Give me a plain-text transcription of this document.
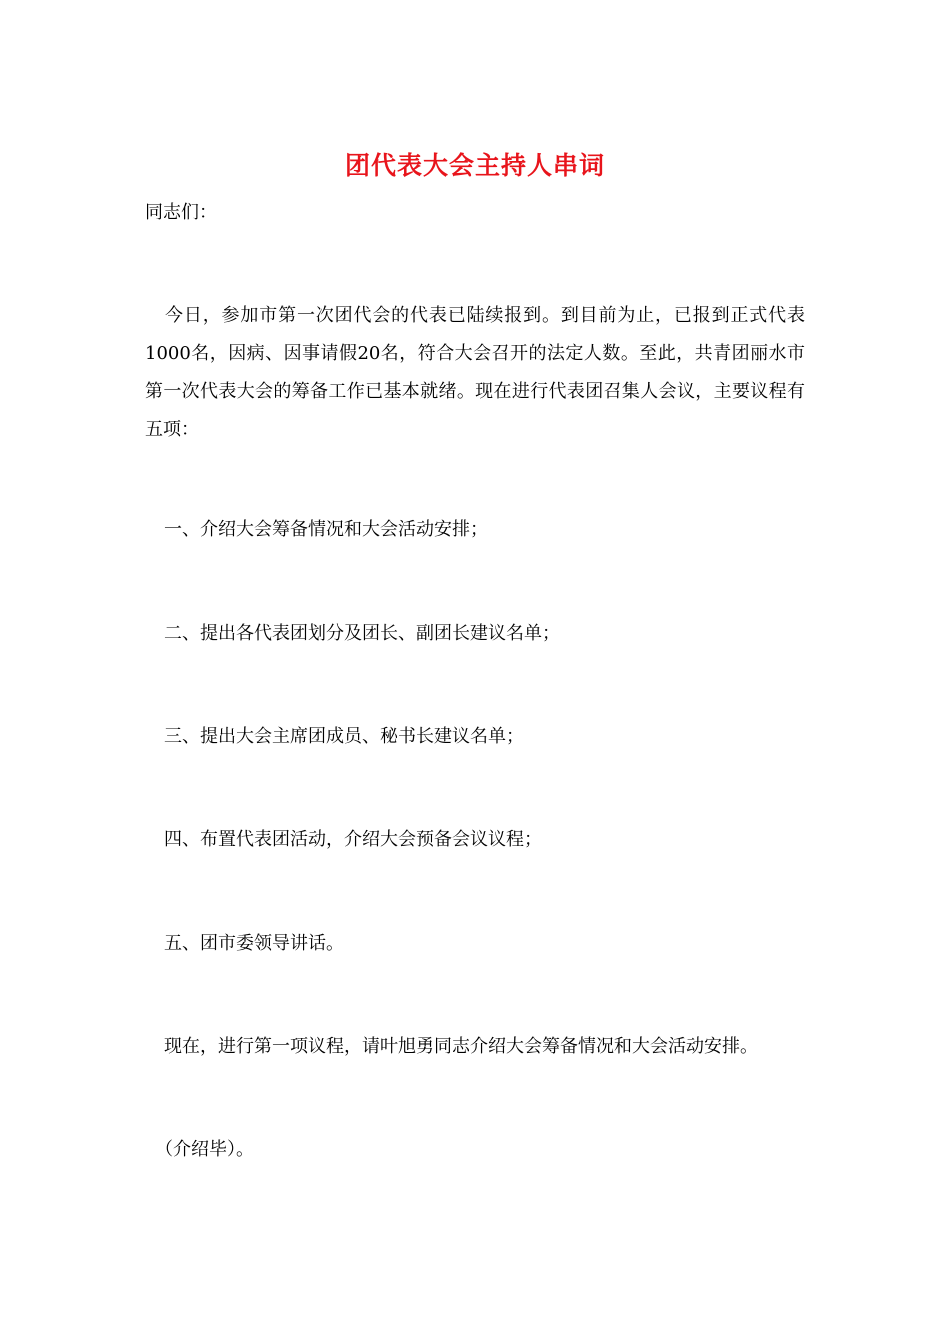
团代表大会主持人串词
同志们：
今日，参加市第一次团代会的代表已陆续报到。到目前为止，已报到正式代表1000名，因病、因事请假20名，符合大会召开的法定人数。至此，共青团丽水市第一次代表大会的筹备工作已基本就绪。现在进行代表团召集人会议，主要议程有五项：
一、介绍大会筹备情况和大会活动安排；
二、提出各代表团划分及团长、副团长建议名单；
三、提出大会主席团成员、秘书长建议名单；
四、布置代表团活动，介绍大会预备会议议程；
五、团市委领导讲话。
现在，进行第一项议程，请叶旭勇同志介绍大会筹备情况和大会活动安排。
（介绍毕）。
